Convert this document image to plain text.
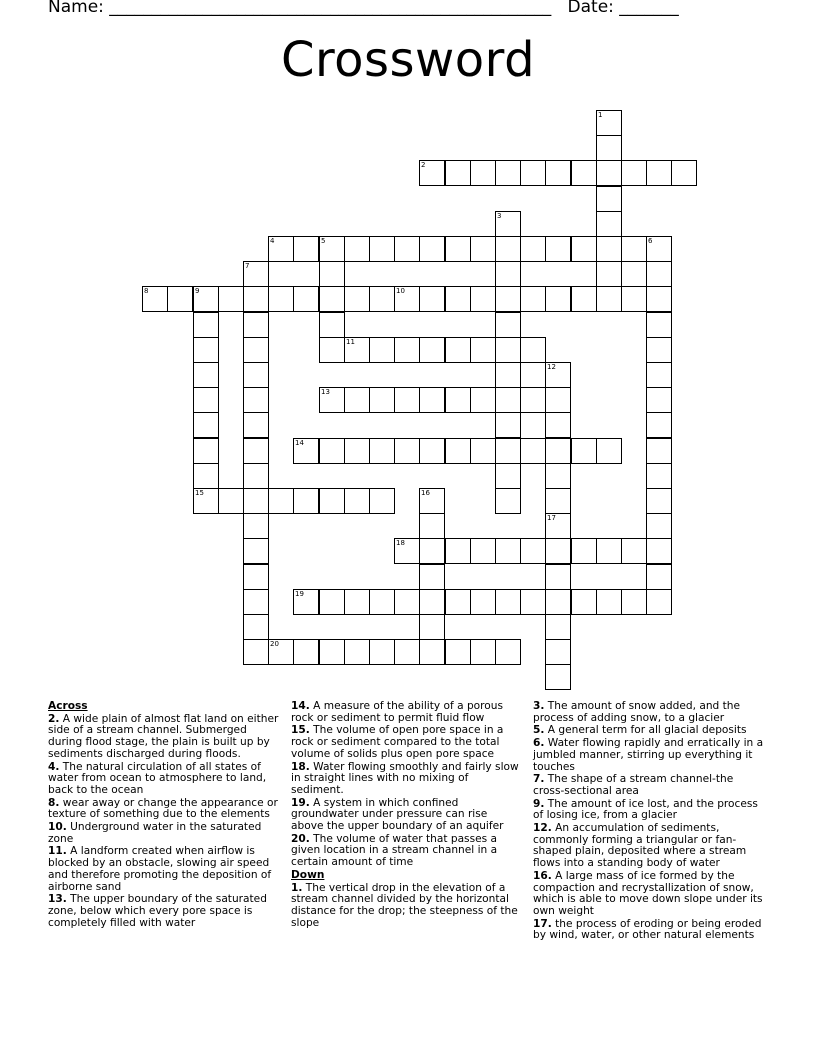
Name: ____________________________________________________ Date: _______
Crossword
1
2
3
4	5	6
7
8	9
15
10
11
12
13
14
16
17
18
19
20
Across
2. A wide plain of almost flat land on either side of a stream channel. Submerged during flood stage, the plain is built up by sediments discharged during floods.
4. The natural circulation of all states of water from ocean to atmosphere to land, back to the ocean
8. wear away or change the appearance or texture of something due to the elements
10. Underground water in the saturated zone
11. A landform created when airflow is blocked by an obstacle, slowing air speed and therefore promoting the deposition of airborne sand
13. The upper boundary of the saturated zone, below which every pore space is completely filled with water
14. A measure of the ability of a porous rock or sediment to permit fluid flow
15. The volume of open pore space in a rock or sediment compared to the total volume of solids plus open pore space
18. Water flowing smoothly and fairly slow in straight lines with no mixing of sediment.
19. A system in which confined groundwater under pressure can rise above the upper boundary of an aquifer
20. The volume of water that passes a given location in a stream channel in a certain amount of time
Down
1. The vertical drop in the elevation of a stream channel divided by the horizontal distance for the drop; the steepness of the slope
3. The amount of snow added, and the process of adding snow, to a glacier
5. A general term for all glacial deposits
6. Water flowing rapidly and erratically in a jumbled manner, stirring up everything it touches
7. The shape of a stream channel-the cross-sectional area
9. The amount of ice lost, and the process of losing ice, from a glacier
12. An accumulation of sediments, commonly forming a triangular or fan-shaped plain, deposited where a stream flows into a standing body of water
16. A large mass of ice formed by the compaction and recrystallization of snow, which is able to move down slope under its own weight
17. the process of eroding or being eroded by wind, water, or other natural elements
